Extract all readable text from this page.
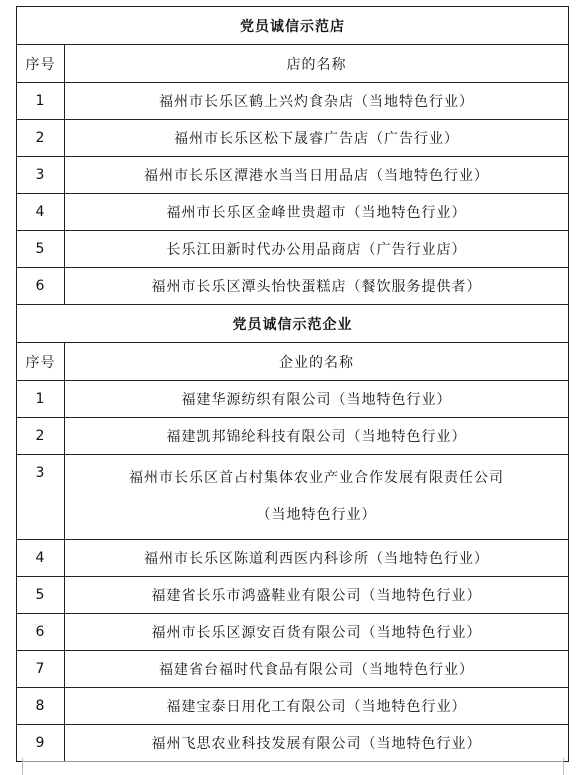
党员诚信示范店	
序号	店的名称
1	福州市长乐区鹤上兴灼食杂店（当地特色行业）
2	福州市长乐区松下晟睿广告店（广告行业）
3	福州市长乐区潭港水当当日用品店（当地特色行业）
4	福州市长乐区金峰世贵超市（当地特色行业）
5	长乐江田新时代办公用品商店（广告行业店）
6	福州市长乐区潭头怡快蛋糕店（餐饮服务提供者）
党员诚信示范企业	
序号	企业的名称
1	福建华源纺织有限公司（当地特色行业）
2	福建凯邦锦纶科技有限公司（当地特色行业）
3	福州市长乐区首占村集体农业产业合作发展有限责任公司
（当地特色行业）

4	福州市长乐区陈道利西医内科诊所（当地特色行业）
5	福建省长乐市鸿盛鞋业有限公司（当地特色行业）
6	福州市长乐区源安百货有限公司（当地特色行业）
7	福建省台福时代食品有限公司（当地特色行业）
8	福建宝泰日用化工有限公司（当地特色行业）
9	福州飞思农业科技发展有限公司（当地特色行业）
